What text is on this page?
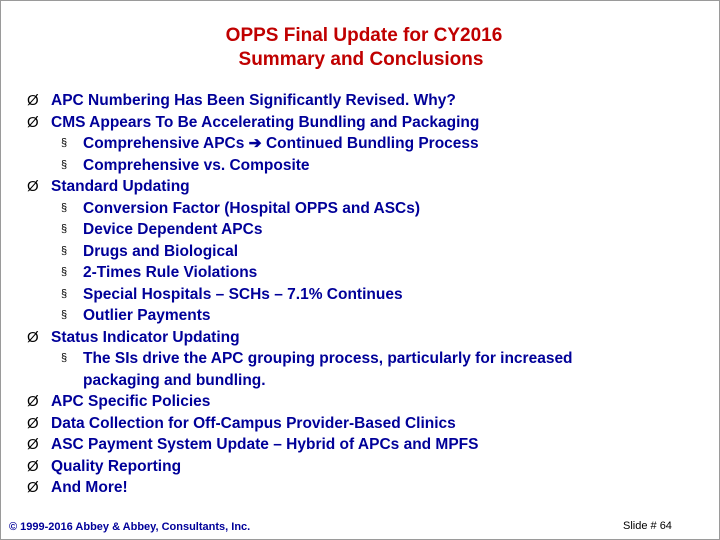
OPPS Final Update for CY2016
Summary and Conclusions
Ø APC Numbering Has Been Significantly Revised. Why?
Ø CMS Appears To Be Accelerating Bundling and Packaging
§ Comprehensive APCs ➔ Continued Bundling Process
§ Comprehensive vs. Composite
Ø Standard Updating
§ Conversion Factor (Hospital OPPS and ASCs)
§ Device Dependent APCs
§ Drugs and Biological
§ 2-Times Rule Violations
§ Special Hospitals – SCHs – 7.1% Continues
§ Outlier Payments
Ø Status Indicator Updating
§ The SIs drive the APC grouping process, particularly for increased
packaging and bundling.
Ø APC Specific Policies
Ø Data Collection for Off-Campus Provider-Based Clinics
Ø ASC Payment System Update – Hybrid of APCs and MPFS
Ø Quality Reporting
Ø And More!
© 1999-2016 Abbey & Abbey, Consultants, Inc.	Slide # 64
